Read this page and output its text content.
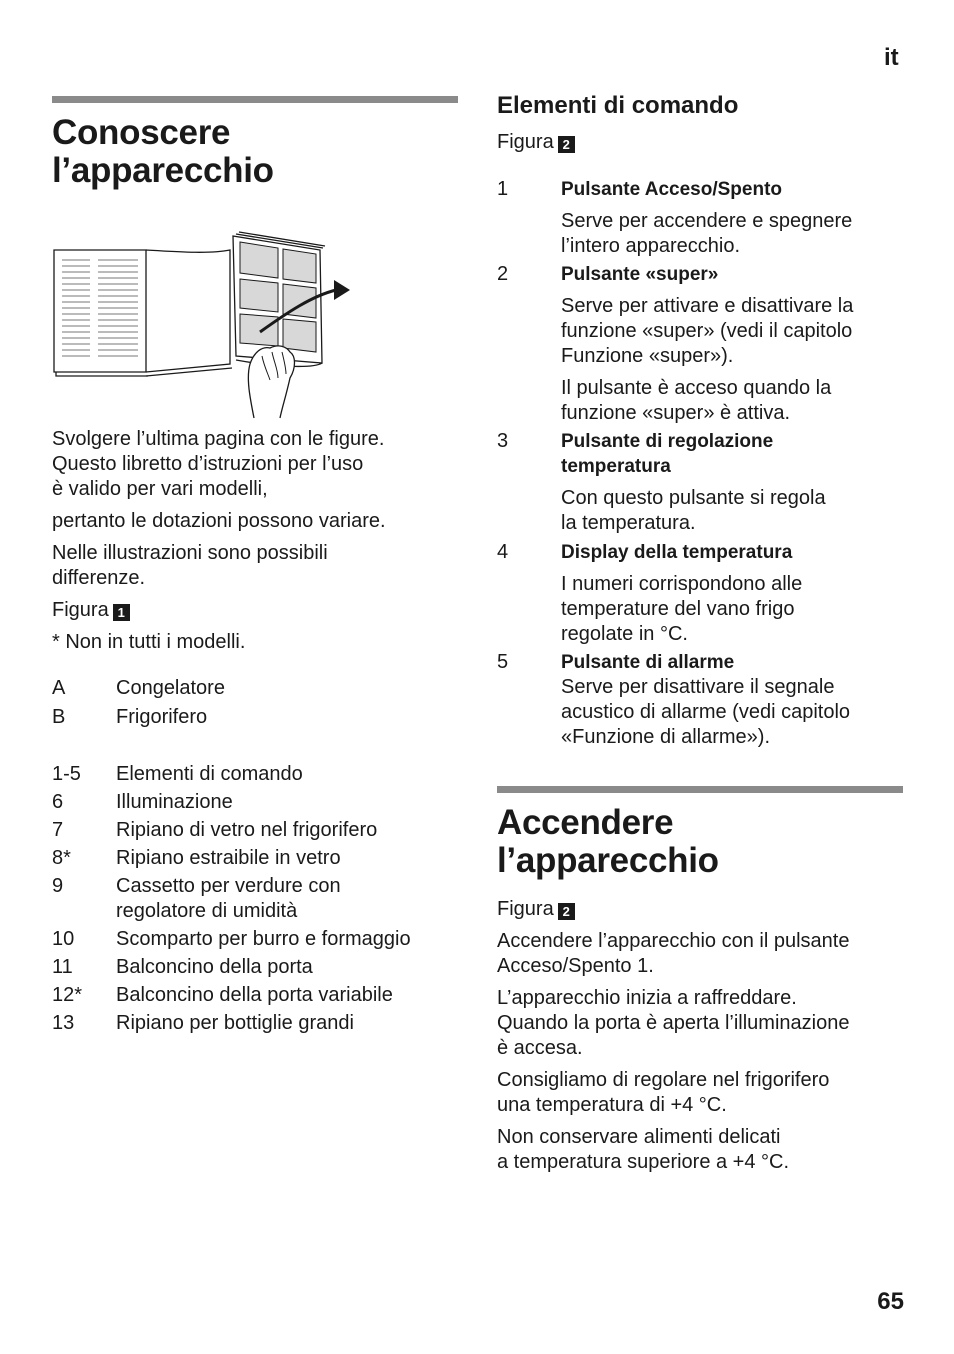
it
Conoscere
l’apparecchio

Svolgere l’ultima pagina con le figure.

Questo libretto d’istruzioni per l’uso

è valido per vari modelli,

pertanto le dotazioni possono variare.

Nelle illustrazioni sono possibili

differenze.

Figura 1

* Non in tutti i modelli.

A	Congelatore
B	Frigorifero
1-5	Elementi di comando
6	Illuminazione
7	Ripiano di vetro nel frigorifero
8*	Ripiano estraibile in vetro
9	Cassetto per verdure con
regolatore di umidità
10	Scomparto per burro e formaggio
11	Balconcino della porta
12*	Balconcino della porta variabile
13	Ripiano per bottiglie grandi
Elementi di comando

Figura 2

1	Pulsante Acceso/Spento

Serve per accendere e spegnere

l’intero apparecchio.

2	Pulsante «super»

Serve per attivare e disattivare la

funzione «super» (vedi il capitolo

Funzione «super»).

Il pulsante è acceso quando la

funzione «super» è attiva.

3	Pulsante di regolazione
temperatura

Con questo pulsante si regola

la temperatura.

4	Display della temperatura

I numeri corrispondono alle

temperature del vano frigo

regolate in °C.

5	Pulsante di allarme

Serve per disattivare il segnale

acustico di allarme (vedi capitolo

«Funzione di allarme»).

Accendere
l’apparecchio

Figura 2

Accendere l’apparecchio con il pulsante

Acceso/Spento 1.

L’apparecchio inizia a raffreddare.

Quando la porta è aperta l’illuminazione

è accesa.

Consigliamo di regolare nel frigorifero

una temperatura di +4 °C.

Non conservare alimenti delicati

a temperatura superiore a +4 °C.

65
